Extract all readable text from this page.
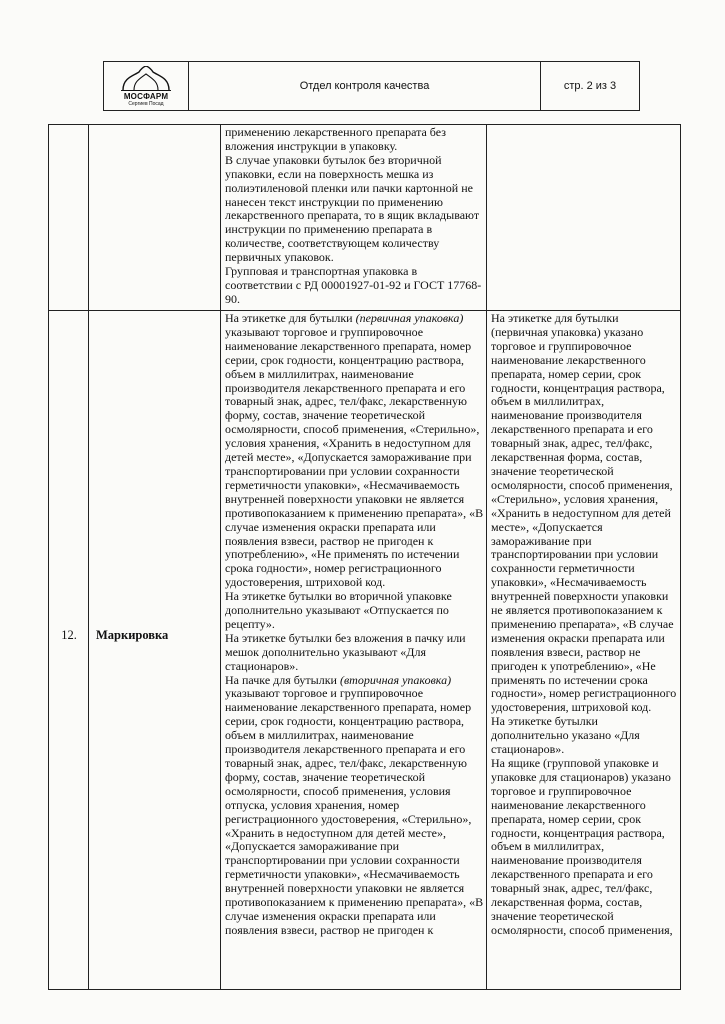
МОСФАРМ
Сергиев Посад
Отдел контроля качества	стр. 2 из 3

применению лекарственного препарата без вложения инструкции в упаковку.

В случае упаковки бутылок без вторичной упаковки, если на поверхность мешка из полиэтиленовой пленки или пачки картонной не нанесен текст инструкции по применению лекарственного препарата, то в ящик вкладывают инструкции по применению препарата в количестве, соответствующем количеству первичных упаковок.

Групповая и транспортная упаковка в соответствии с РД 00001927-01-92 и ГОСТ 17768-90.

12.	Маркировка

На этикетке для бутылки (первичная упаковка) указывают торговое и группировочное наименование лекарственного препарата, номер серии, срок годности, концентрацию раствора, объем в миллилитрах, наименование производителя лекарственного препарата и его товарный знак, адрес, тел/факс, лекарственную форму, состав, значение теоретической осмолярности, способ применения, «Стерильно», условия хранения, «Хранить в недоступном для детей месте», «Допускается замораживание при транспортировании при условии сохранности герметичности упаковки», «Несмачиваемость внутренней поверхности упаковки не является противопоказанием к применению препарата», «В случае изменения окраски препарата или появления взвеси, раствор не пригоден к употреблению», «Не применять по истечении срока годности», номер регистрационного удостоверения, штриховой код.

На этикетке бутылки во вторичной упаковке дополнительно указывают «Отпускается по рецепту».

На этикетке бутылки без вложения в пачку или мешок дополнительно указывают «Для стационаров».

На пачке для бутылки (вторичная упаковка) указывают торговое и группировочное наименование лекарственного препарата, номер серии, срок годности, концентрацию раствора, объем в миллилитрах, наименование производителя лекарственного препарата и его товарный знак, адрес, тел/факс, лекарственную форму, состав, значение теоретической осмолярности, способ применения, условия отпуска, условия хранения, номер регистрационного удостоверения, «Стерильно», «Хранить в недоступном для детей месте», «Допускается замораживание при транспортировании при условии сохранности герметичности упаковки», «Несмачиваемость внутренней поверхности упаковки не является противопоказанием к применению препарата», «В случае изменения окраски препарата или появления взвеси, раствор не пригоден к

На этикетке для бутылки (первичная упаковка) указано торговое и группировочное наименование лекарственного препарата, номер серии, срок годности, концентрация раствора, объем в миллилитрах, наименование производителя лекарственного препарата и его товарный знак, адрес, тел/факс, лекарственная форма, состав, значение теоретической осмолярности, способ применения, «Стерильно», условия хранения, «Хранить в недоступном для детей месте», «Допускается замораживание при транспортировании при условии сохранности герметичности упаковки», «Несмачиваемость внутренней поверхности упаковки не является противопоказанием к применению препарата», «В случае изменения окраски препарата или появления взвеси, раствор не пригоден к употреблению», «Не применять по истечении срока годности», номер регистрационного удостоверения, штриховой код.

На этикетке бутылки дополнительно указано «Для стационаров».

На ящике (групповой упаковке и упаковке для стационаров) указано торговое и группировочное наименование лекарственного препарата, номер серии, срок годности, концентрация раствора, объем в миллилитрах, наименование производителя лекарственного препарата и его товарный знак, адрес, тел/факс, лекарственная форма, состав, значение теоретической осмолярности, способ применения,
